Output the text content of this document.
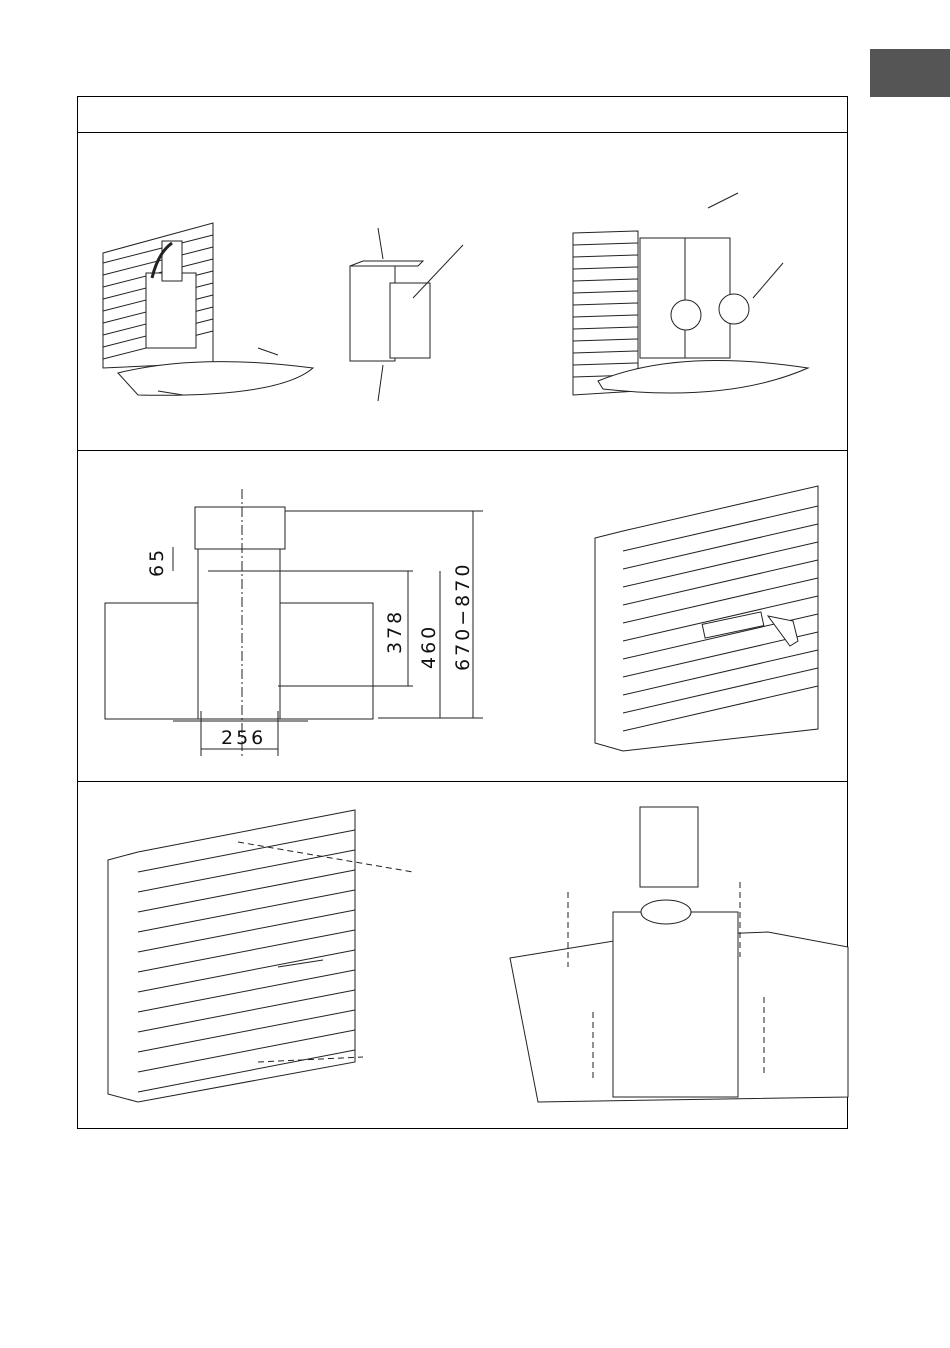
65
378 460 670−870
256
